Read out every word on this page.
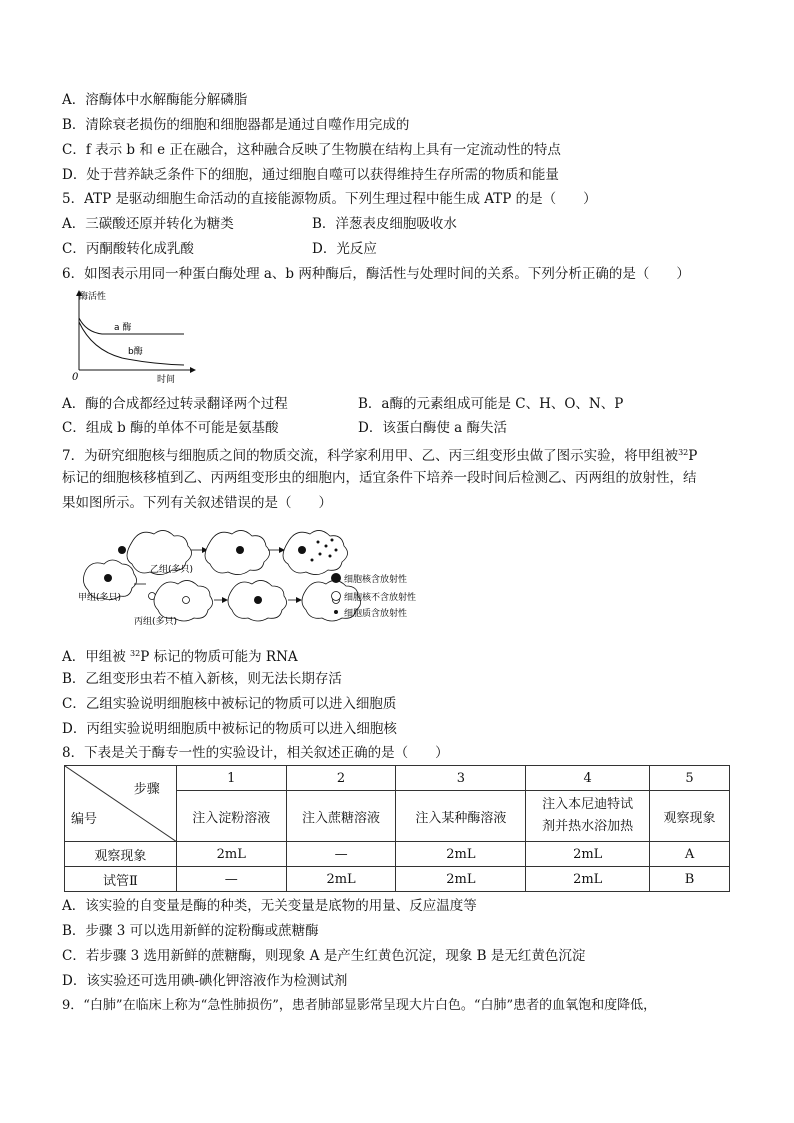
A．溶酶体中水解酶能分解磷脂
B．清除衰老损伤的细胞和细胞器都是通过自噬作用完成的
C．f 表示 b 和 e 正在融合，这种融合反映了生物膜在结构上具有一定流动性的特点
D．处于营养缺乏条件下的细胞，通过细胞自噬可以获得维持生存所需的物质和能量
5．ATP 是驱动细胞生命活动的直接能源物质。下列生理过程中能生成 ATP 的是（　　）
A．三碳酸还原并转化为糖类	B．洋葱表皮细胞吸收水
C．丙酮酸转化成乳酸	D．光反应
6．如图表示用同一种蛋白酶处理 a、b 两种酶后，酶活性与处理时间的关系。下列分析正确的是（　　）
酶活性
0	时间
a 酶
b酶
A．酶的合成都经过转录翻译两个过程	B．a酶的元素组成可能是 C、H、O、N、P
C．组成 b 酶的单体不可能是氨基酸	D．该蛋白酶使 a 酶失活
7．为研究细胞核与细胞质之间的物质交流，科学家利用甲、乙、丙三组变形虫做了图示实验，将甲组被$^{32}$P
标记的细胞核移植到乙、丙两组变形虫的细胞内，适宜条件下培养一段时间后检测乙、丙两组的放射性，结
果如图所示。下列有关叙述错误的是（　　）
乙组(多只)
甲组(多只)
丙组(多只)
细胞核含放射性
细胞核不含放射性
细胞质含放射性
A．甲组被 $^{32}$P 标记的物质可能为 RNA
B．乙组变形虫若不植入新核，则无法长期存活
C．乙组实验说明细胞核中被标记的物质可以进入细胞质
D．丙组实验说明细胞质中被标记的物质可以进入细胞核
8．下表是关于酶专一性的实验设计，相关叙述正确的是（　　）
步骤
编号	1	2	3	4	5
	注入淀粉溶液	注入蔗糖溶液	注入某种酶溶液	注入本尼迪特试
剂并热水浴加热	观察现象
观察现象	2mL	—	2mL	2mL	A
试管Ⅱ	—	2mL	2mL	2mL	B
A．该实验的自变量是酶的种类，无关变量是底物的用量、反应温度等
B．步骤 3 可以选用新鲜的淀粉酶或蔗糖酶
C．若步骤 3 选用新鲜的蔗糖酶，则现象 A 是产生红黄色沉淀，现象 B 是无红黄色沉淀
D．该实验还可选用碘-碘化钾溶液作为检测试剂
9．“白肺”在临床上称为“急性肺损伤”，患者肺部显影常呈现大片白色。“白肺”患者的血氧饱和度降低，
